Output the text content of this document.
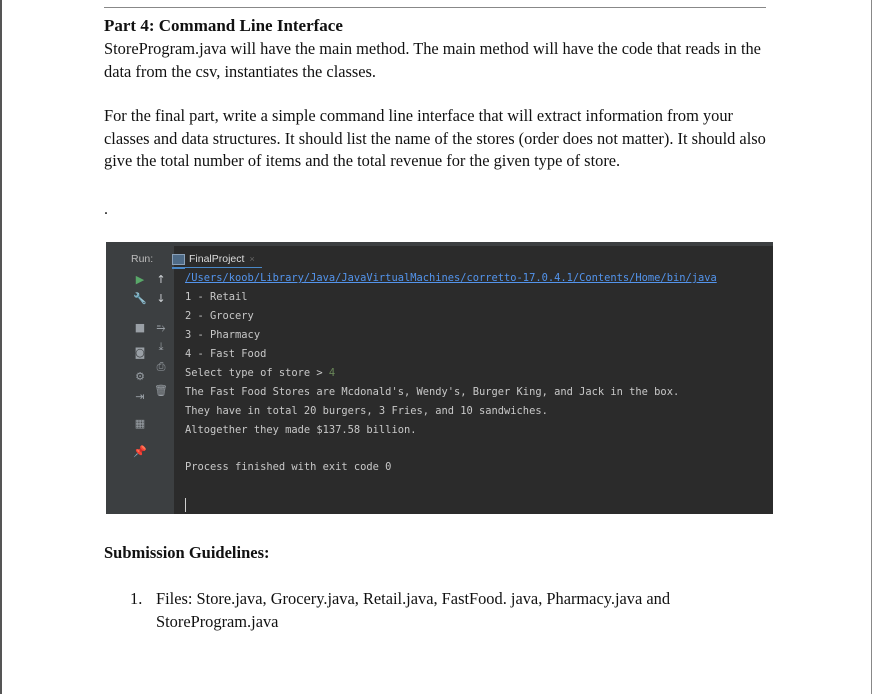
Part 4: Command Line Interface

StoreProgram.java will have the main method. The main method will have the code that reads in the data from the csv, instantiates the classes.

For the final part, write a simple command line interface that will extract information from your classes and data structures. It should list the name of the stores (order does not matter). It should also give the total number of items and the total revenue for the given type of store.

.
Run:	FinalProject ×
▶
🔧
■
◙
⚙
⇥
▦
📌
↑
↓
⥱
⤓
⎙
🗑
/Users/koob/Library/Java/JavaVirtualMachines/corretto-17.0.4.1/Contents/Home/bin/java
1 - Retail
2 - Grocery
3 - Pharmacy
4 - Fast Food
Select type of store > 4
The Fast Food Stores are Mcdonald's, Wendy's, Burger King, and Jack in the box.
They have in total 20 burgers, 3 Fries, and 10 sandwiches.
Altogether they made $137.58 billion.
Process finished with exit code 0

Submission Guidelines:

1. Files: Store.java, Grocery.java, Retail.java, FastFood. java, Pharmacy.java and StoreProgram.java
